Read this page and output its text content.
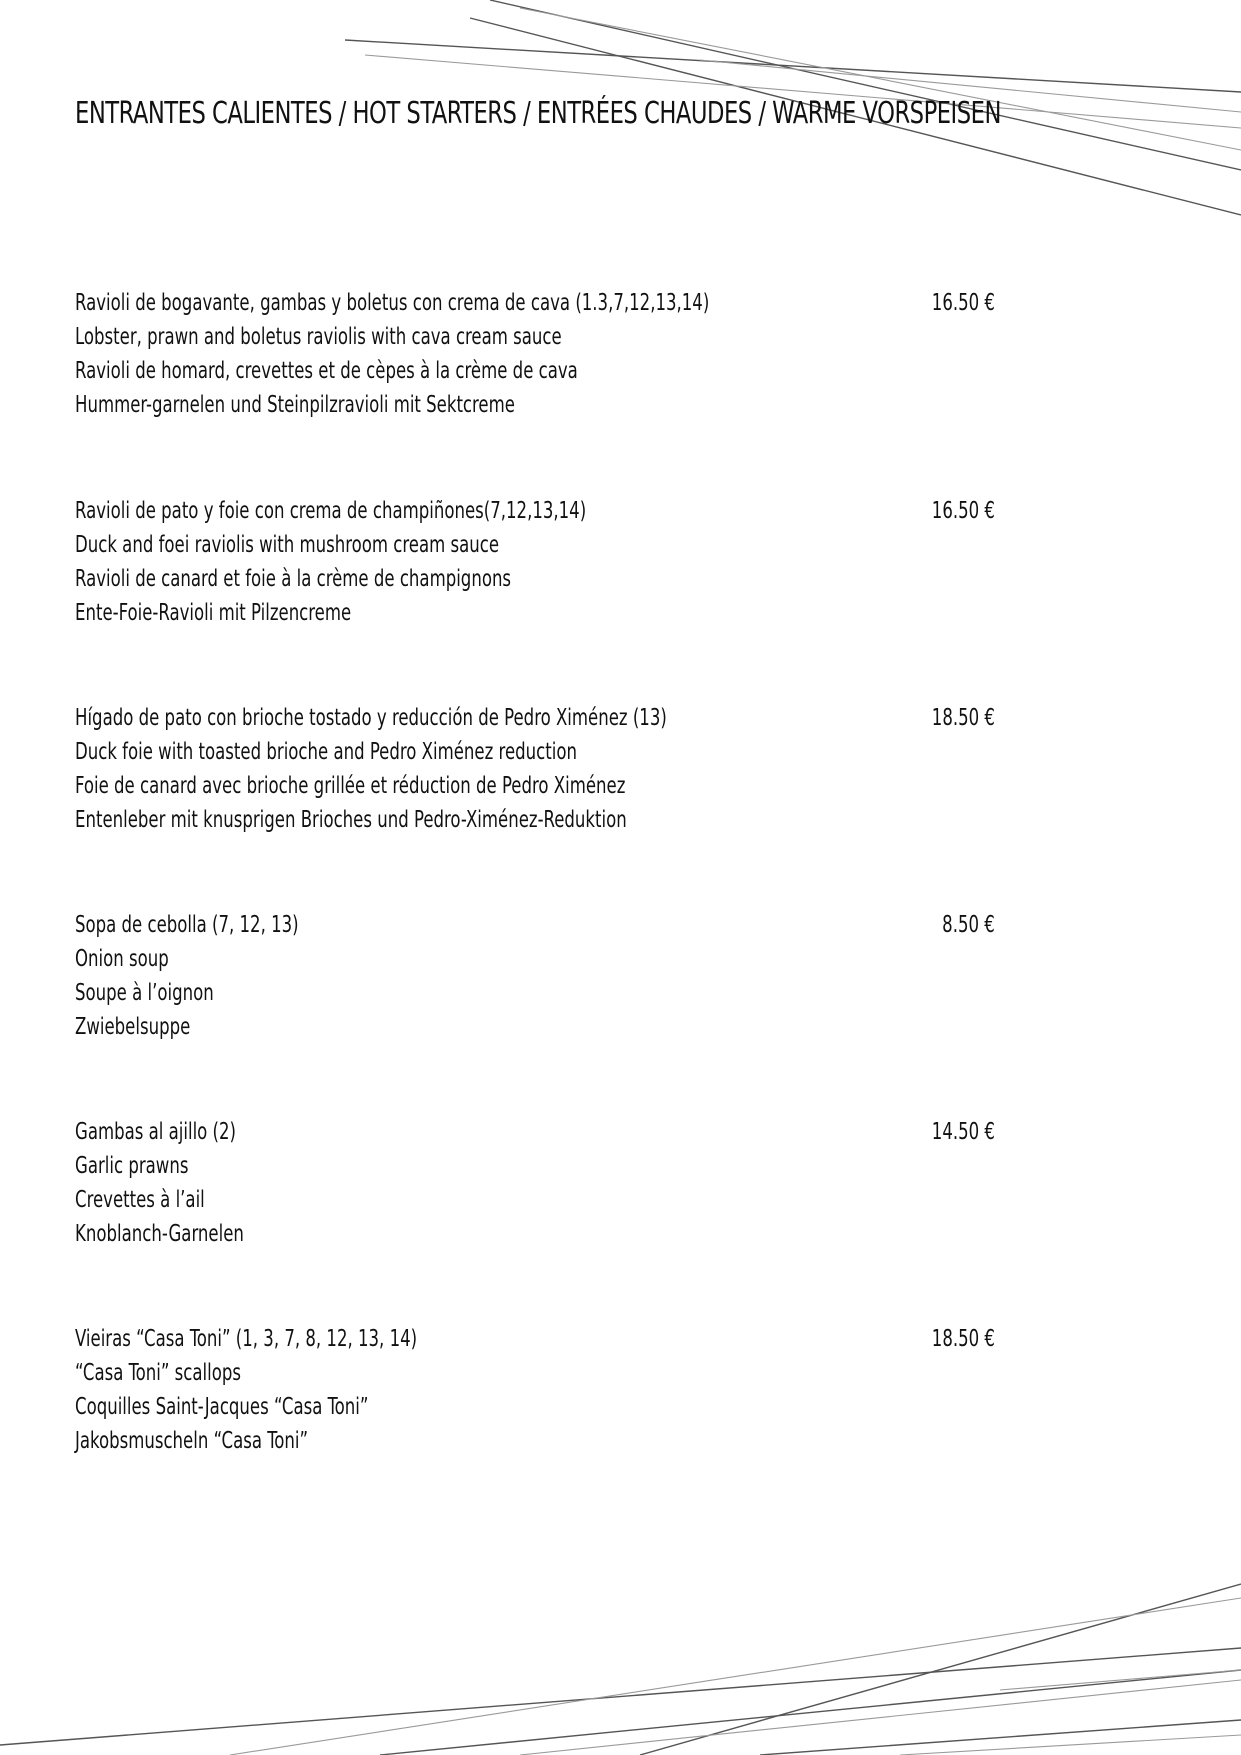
ENTRANTES CALIENTES / HOT STARTERS / ENTRÉES CHAUDES / WARME VORSPEISEN
Ravioli de bogavante, gambas y boletus con crema de cava (1.3,7,12,13,14)
Lobster, prawn and boletus raviolis with cava cream sauce
Ravioli de homard, crevettes et de cèpes à la crème de cava
Hummer-garnelen und Steinpilzravioli mit Sektcreme
16.50 €
Ravioli de pato y foie con crema de champiñones(7,12,13,14)
Duck and foei raviolis with mushroom cream sauce
Ravioli de canard et foie à la crème de champignons
Ente-Foie-Ravioli mit Pilzencreme
16.50 €
Hígado de pato con brioche tostado y reducción de Pedro Ximénez (13)
Duck foie with toasted brioche and Pedro Ximénez reduction
Foie de canard avec brioche grillée et réduction de Pedro Ximénez
Entenleber mit knusprigen Brioches und Pedro-Ximénez-Reduktion
18.50 €
Sopa de cebolla (7, 12, 13)
Onion soup
Soupe à l’oignon
Zwiebelsuppe
8.50 €
Gambas al ajillo (2)
Garlic prawns
Crevettes à l’ail
Knoblanch-Garnelen
14.50 €
Vieiras “Casa Toni” (1, 3, 7, 8, 12, 13, 14)
“Casa Toni” scallops
Coquilles Saint-Jacques “Casa Toni”
Jakobsmuscheln “Casa Toni”
18.50 €
